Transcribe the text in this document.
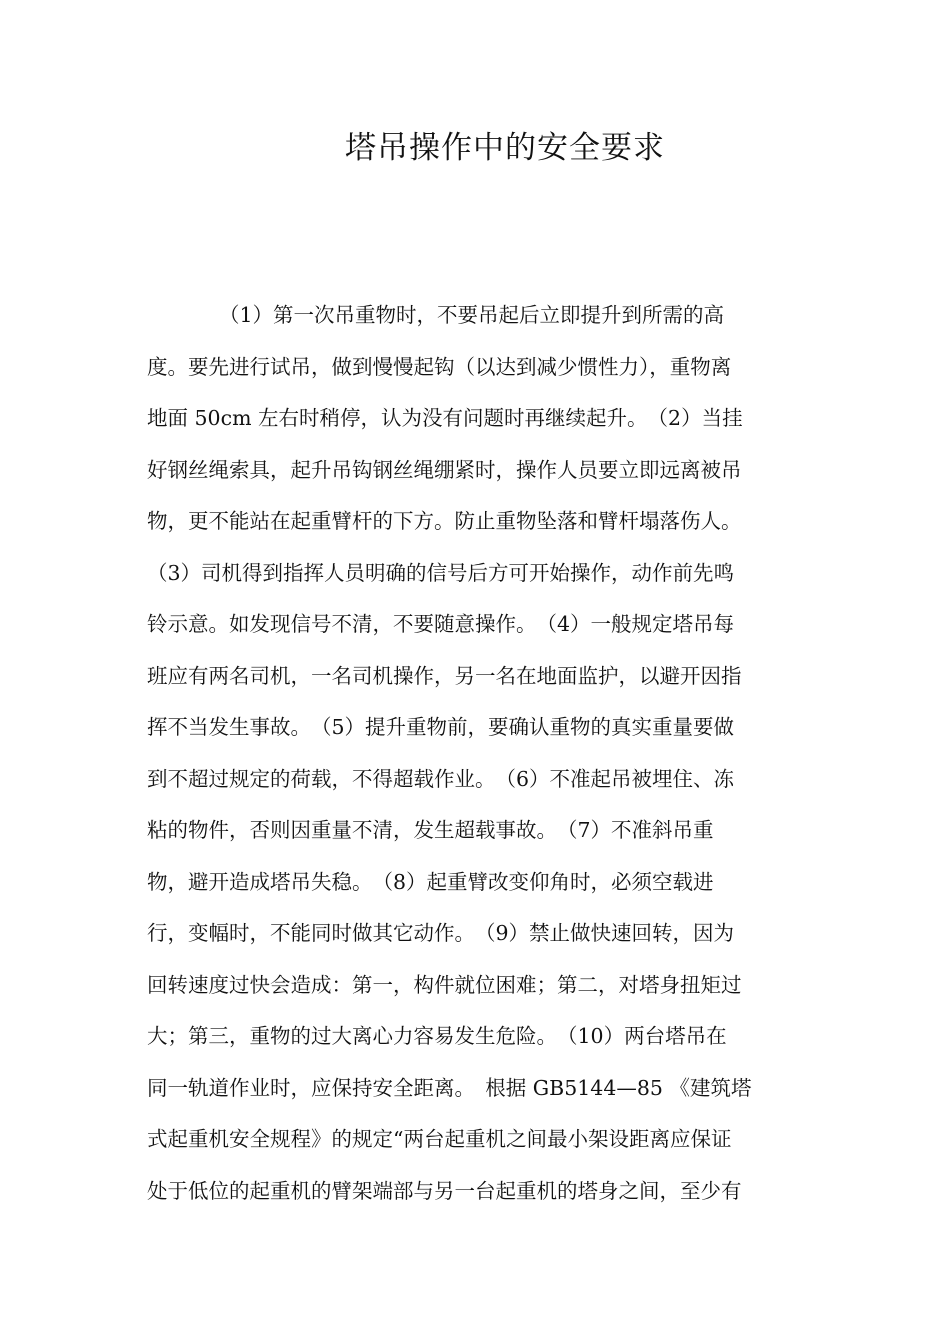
塔吊操作中的安全要求
（1）第一次吊重物时，不要吊起后立即提升到所需的高
度。要先进行试吊，做到慢慢起钩（以达到减少惯性力），重物离
地面 50cm 左右时稍停，认为没有问题时再继续起升。　（2）当挂
好钢丝绳索具，起升吊钩钢丝绳绷紧时，操作人员要立即远离被吊
物，更不能站在起重臂杆的下方。防止重物坠落和臂杆塌落伤人。
（3）司机得到指挥人员明确的信号后方可开始操作，动作前先鸣
铃示意。如发现信号不清，不要随意操作。　（4）一般规定塔吊每
班应有两名司机，一名司机操作，另一名在地面监护，以避开因指
挥不当发生事故。　（5）提升重物前，要确认重物的真实重量要做
到不超过规定的荷载，不得超载作业。　（6）不准起吊被埋住、冻
粘的物件，否则因重量不清，发生超载事故。　（7）不准斜吊重
物，避开造成塔吊失稳。　（8）起重臂改变仰角时，必须空载进
行，变幅时，不能同时做其它动作。　（9）禁止做快速回转，因为
回转速度过快会造成：第一，构件就位困难；第二，对塔身扭矩过
大；第三，重物的过大离心力容易发生危险。　（10）两台塔吊在
同一轨道作业时，应保持安全距离。　根据 GB5144—85 《建筑塔
式起重机安全规程》的规定“两台起重机之间最小架设距离应保证
处于低位的起重机的臂架端部与另一台起重机的塔身之间，至少有
